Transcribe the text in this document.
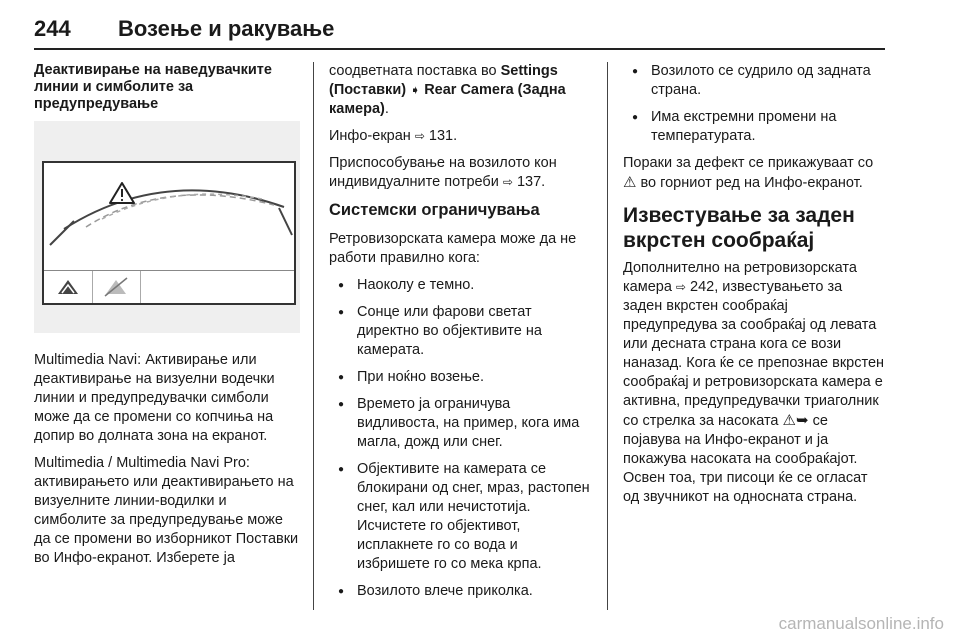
244 Возење и ракување
Деактивирање на наведувачките линии и симболите за предупредување

Multimedia Navi: Активирање или деактивирање на визуелни водечки линии и предупредувачки симболи може да се промени со копчиња на допир во долната зона на екранот.

Multimedia / Multimedia Navi Pro: активирањето или деактивирањето на визуелните линии-водилки и симболите за предупредување може да се промени во изборникот Поставки во Инфо-екранот. Изберете ја

соодветната поставка во Settings (Поставки) ➧ Rear Camera (Задна камера).

Инфо-екран ⇨ 131.

Приспособување на возилото кон индивидуалните потреби ⇨ 137.

Системски ограничувања

Ретровизорската камера може да не работи правилно кога:

● Наоколу е темно.
● Сонце или фарови светат директно во објективите на камерата.
● При ноќно возење.
● Времето ја ограничува видливоста, на пример, кога има магла, дожд или снег.
● Објективите на камерата се блокирани од снег, мраз, растопен снег, кал или нечистотија. Исчистете го објективот, исплакнете го со вода и избришете го со мека крпа.
● Возилото влече приколка.
● Возилото се судрило од задната страна.
● Има екстремни промени на температурата.

Пораки за дефект се прикажуваат со ⚠ во горниот ред на Инфо-екранот.

Известување за заден вкрстен сообраќај

Дополнително на ретровизорската камера ⇨ 242, известувањето за заден вкрстен сообраќај предупредува за сообраќај од левата или десната страна кога се вози наназад. Кога ќе се препознае вкрстен сообраќај и ретровизорската камера е активна, предупредувачки триаголник со стрелка за насоката ⚠➥ се појавува на Инфо-екранот и ја покажува насоката на сообраќајот. Освен тоа, три писоци ќе се огласат од звучникот на односната страна.

carmanualsonline.info
